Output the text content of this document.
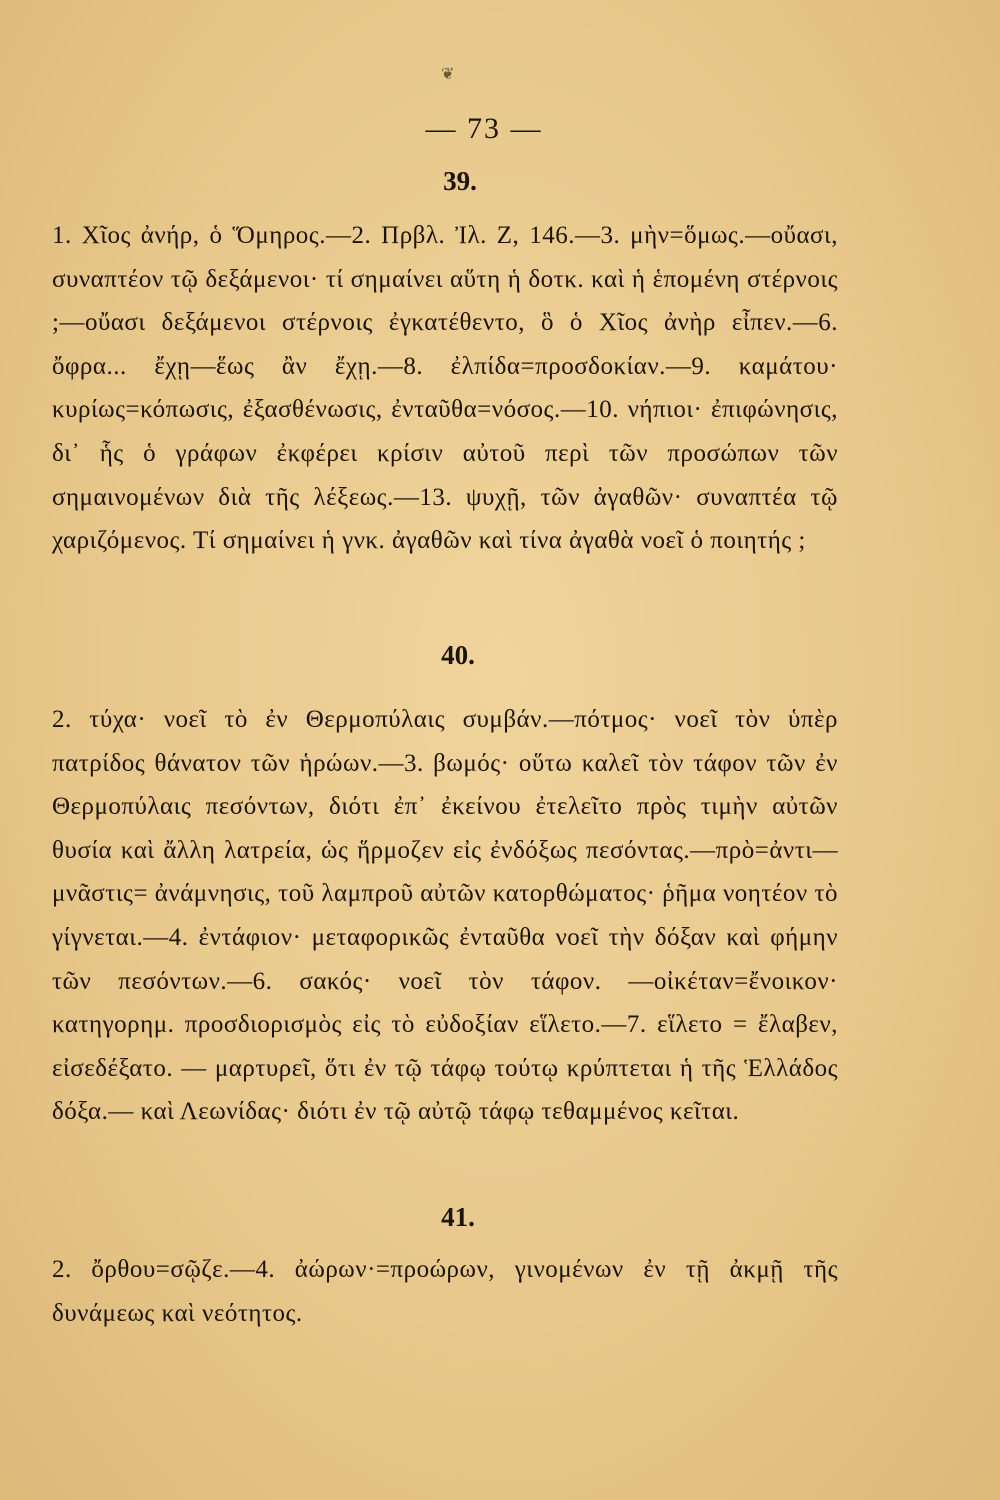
❦
— 73 —
39.

1. Χῖος ἀνήρ, ὁ Ὅμηρος.—2. Πρβλ. Ἰλ. Ζ, 146.—3. μὴν=ὅμως.—οὔασι, συναπτέον τῷ δεξάμενοι· τί σημαίνει αὕτη ἡ δοτκ. καὶ ἡ ἑπομένη στέρνοις ;—οὔασι δεξάμενοι στέρνοις ἐγκατέθεντο, ὃ ὁ Χῖος ἀνὴρ εἶπεν.—6. ὄφρα... ἔχῃ—ἕως ἂν ἔχῃ.—8. ἐλπίδα=προσδοκίαν.—9. καμάτου· κυρίως=κόπωσις, ἐξασθένωσις, ἐνταῦθα=νόσος.—10. νήπιοι· ἐπιφώνησις, δι᾽ ἧς ὁ γράφων ἐκφέρει κρίσιν αὐτοῦ περὶ τῶν προσώπων τῶν σημαινομένων διὰ τῆς λέξεως.—13. ψυχῇ, τῶν ἀγαθῶν· συναπτέα τῷ χαριζόμενος. Τί σημαίνει ἡ γνκ. ἀγαθῶν καὶ τίνα ἀγαθὰ νοεῖ ὁ ποιητής ;

40.

2. τύχα· νοεῖ τὸ ἐν Θερμοπύλαις συμβάν.—πότμος· νοεῖ τὸν ὑπὲρ πατρίδος θάνατον τῶν ἡρώων.—3. βωμός· οὕτω καλεῖ τὸν τάφον τῶν ἐν Θερμοπύλαις πεσόντων, διότι ἐπ᾽ ἐκείνου ἐτελεῖτο πρὸς τιμὴν αὐτῶν θυσία καὶ ἄλλη λατρεία, ὡς ἥρμοζεν εἰς ἐνδόξως πεσόντας.—πρὸ=ἀντι—μνᾶστις= ἀνάμνησις, τοῦ λαμπροῦ αὐτῶν κατορθώματος· ῥῆμα νοητέον τὸ γίγνεται.—4. ἐντάφιον· μεταφορικῶς ἐνταῦθα νοεῖ τὴν δόξαν καὶ φήμην τῶν πεσόντων.—6. σακός· νοεῖ τὸν τάφον. —οἰκέταν=ἔνοικον· κατηγορημ. προσδιορισμὸς εἰς τὸ εὐδοξίαν εἵλετο.—7. εἵλετο = ἔλαβεν, εἰσεδέξατο. — μαρτυρεῖ, ὅτι ἐν τῷ τάφῳ τούτῳ κρύπτεται ἡ τῆς Ἑλλάδος δόξα.— καὶ Λεωνίδας· διότι ἐν τῷ αὐτῷ τάφῳ τεθαμμένος κεῖται.

41.

2. ὄρθου=σῷζε.—4. ἀώρων·=προώρων, γινομένων ἐν τῇ ἀκμῇ τῆς δυνάμεως καὶ νεότητος.
